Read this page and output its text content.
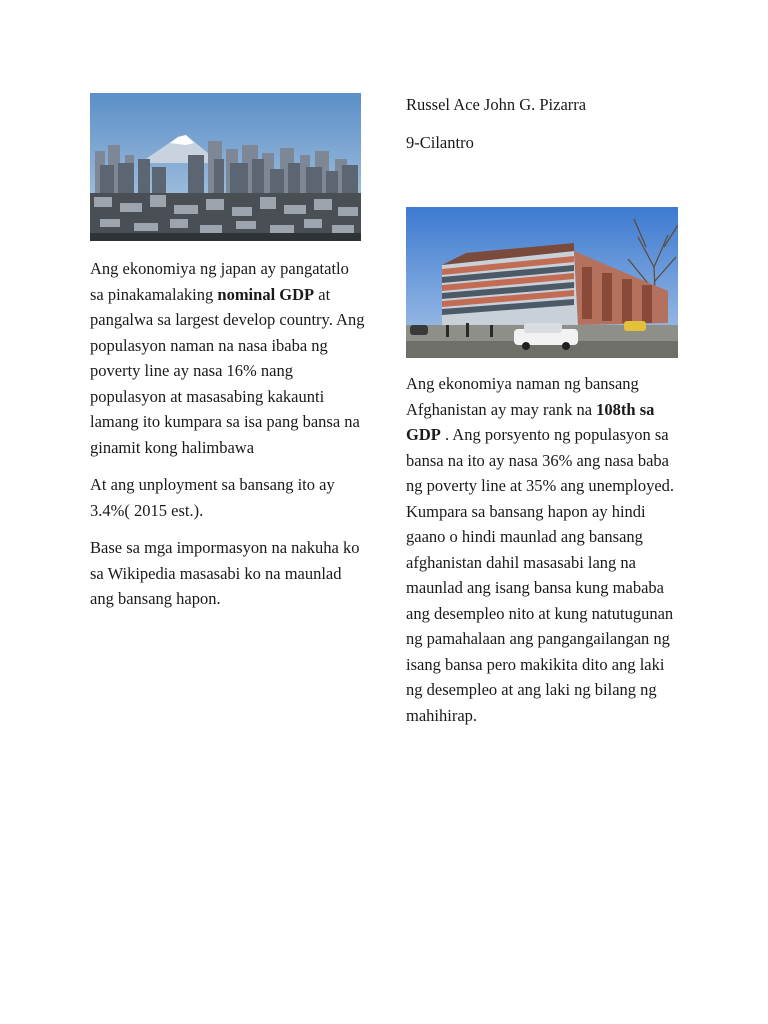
Russel Ace John G. Pizarra
9-Cilantro

Ang ekonomiya ng japan ay pangatatlo sa pinakamalaking nominal GDP at pangalwa sa largest develop country. Ang populasyon naman na nasa ibaba ng poverty line ay nasa 16% nang populasyon at masasabing kakaunti lamang ito kumpara sa isa pang bansa na ginamit kong halimbawa

At ang unployment sa bansang ito ay 3.4%( 2015 est.).

Base sa mga impormasyon na nakuha ko sa Wikipedia masasabi ko na maunlad ang bansang hapon.

Ang ekonomiya naman ng bansang Afghanistan ay may rank na 108th sa GDP . Ang porsyento ng populasyon sa bansa na ito ay nasa 36% ang nasa baba ng poverty line at 35% ang unemployed. Kumpara sa bansang hapon ay hindi gaano o hindi maunlad ang bansang afghanistan dahil masasabi lang na maunlad ang isang bansa kung mababa ang desempleo nito at kung natutugunan ng pamahalaan ang pangangailangan ng isang bansa pero makikita dito ang laki ng desempleo at ang laki ng bilang ng mahihirap.
